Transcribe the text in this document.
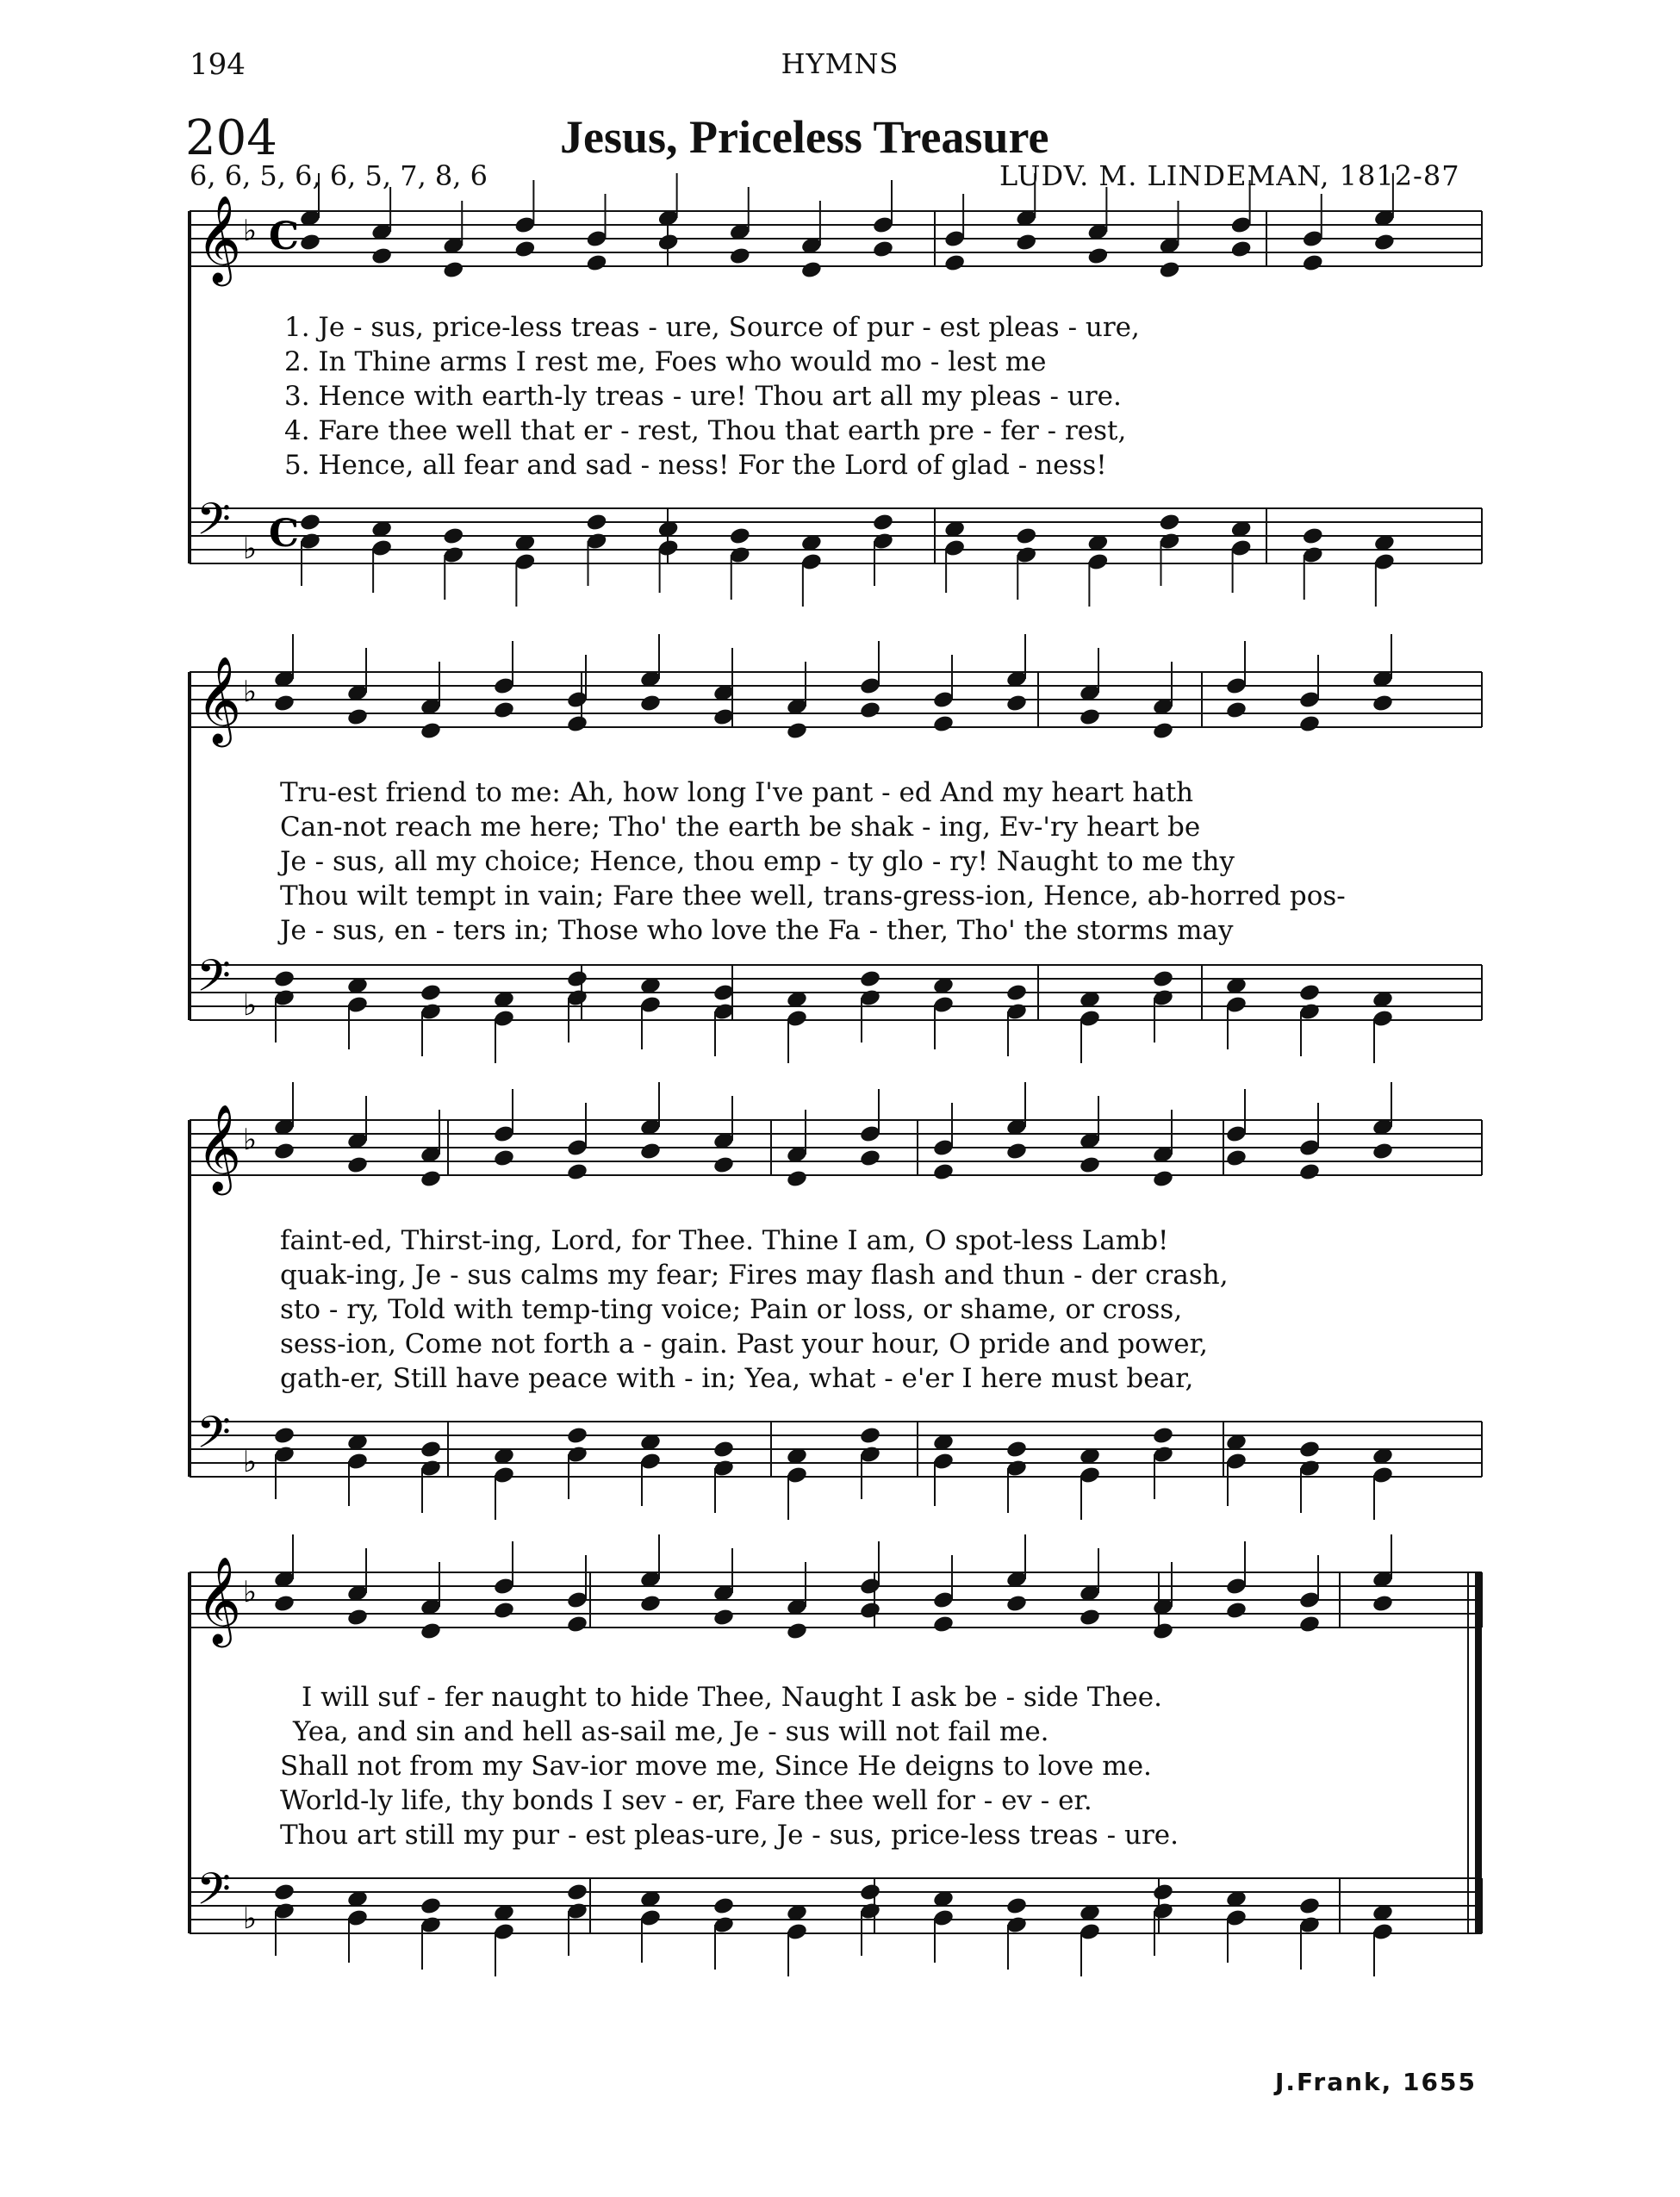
194	HYMNS
204	Jesus, Priceless Treasure
6, 6, 5, 6, 6, 5, 7, 8, 6	LUDV. M. LINDEMAN, 1812-87
𝄞 ♭ C
𝄢 ♭ C
𝄞 ♭
𝄢 ♭
𝄞 ♭
𝄢 ♭
𝄞 ♭
𝄢 ♭
1. Je - sus, price-less treas - ure, Source of pur - est pleas - ure,
2. In Thine arms I rest me, Foes who would mo - lest me
3. Hence with earth-ly treas - ure! Thou art all my pleas - ure.
4. Fare thee well that er - rest, Thou that earth pre - fer - rest,
5. Hence, all fear and sad - ness! For the Lord of glad - ness!
Tru-est friend to me: Ah, how long I've pant - ed And my heart hath
Can-not reach me here; Tho' the earth be shak - ing, Ev-'ry heart be
Je - sus, all my choice; Hence, thou emp - ty glo - ry! Naught to me thy
Thou wilt tempt in vain; Fare thee well, trans-gress-ion, Hence, ab-horred pos-
Je - sus, en - ters in; Those who love the Fa - ther, Tho' the storms may
faint-ed, Thirst-ing, Lord, for Thee. Thine I am, O spot-less Lamb!
quak-ing, Je - sus calms my fear; Fires may flash and thun - der crash,
sto - ry, Told with temp-ting voice; Pain or loss, or shame, or cross,
sess-ion, Come not forth a - gain. Past your hour, O pride and power,
gath-er, Still have peace with - in; Yea, what - e'er I here must bear,
I will suf - fer naught to hide Thee, Naught I ask be - side Thee.
Yea, and sin and hell as-sail me, Je - sus will not fail me.
Shall not from my Sav-ior move me, Since He deigns to love me.
World-ly life, thy bonds I sev - er, Fare thee well for - ev - er.
Thou art still my pur - est pleas-ure, Je - sus, price-less treas - ure.
J.Frank, 1655
